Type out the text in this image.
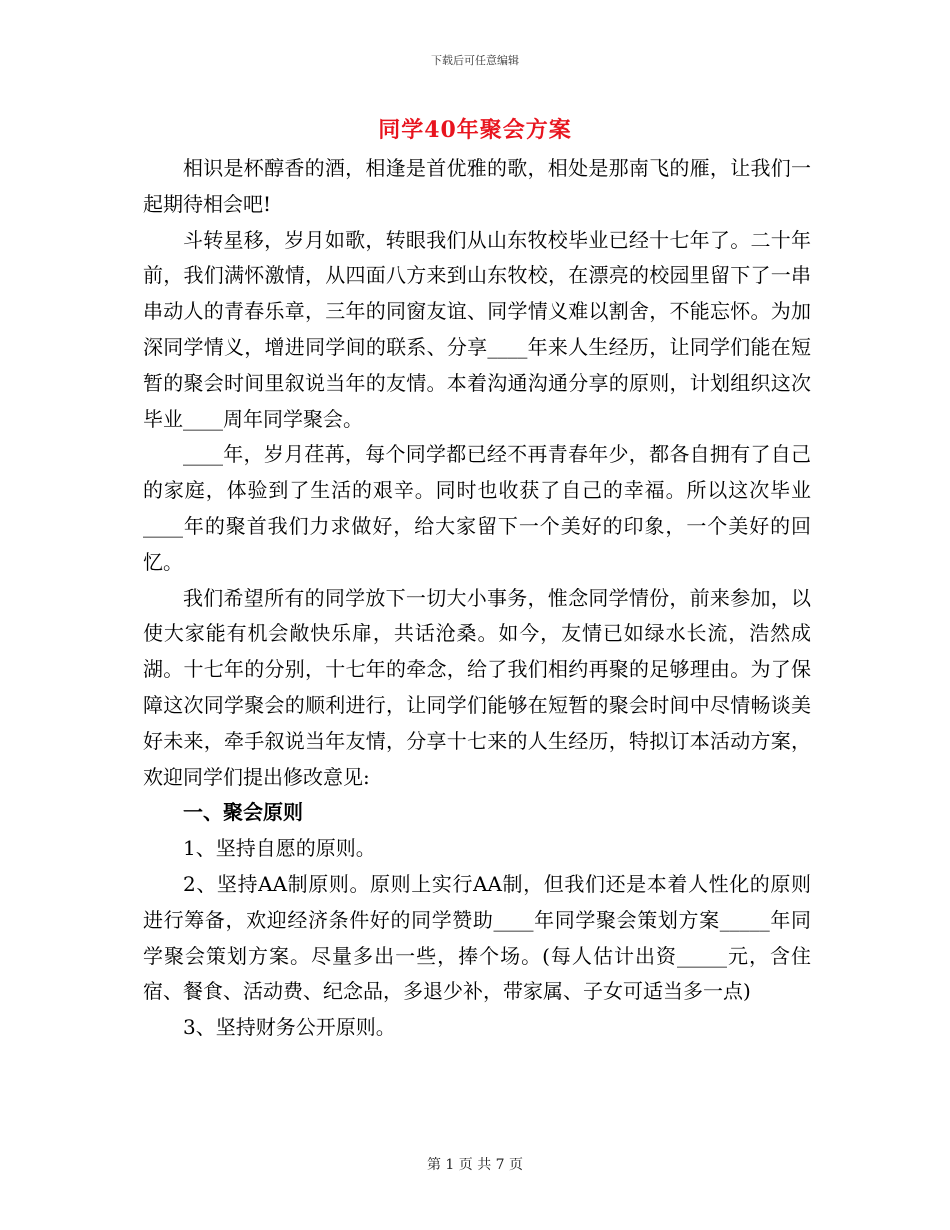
下载后可任意编辑
同学40年聚会方案

相识是杯醇香的酒，相逢是首优雅的歌，相处是那南飞的雁，让我们一起期待相会吧!

斗转星移，岁月如歌，转眼我们从山东牧校毕业已经十七年了。二十年前，我们满怀激情，从四面八方来到山东牧校，在漂亮的校园里留下了一串串动人的青春乐章，三年的同窗友谊、同学情义难以割舍，不能忘怀。为加深同学情义，增进同学间的联系、分享____年来人生经历，让同学们能在短暂的聚会时间里叙说当年的友情。本着沟通沟通分享的原则，计划组织这次毕业____周年同学聚会。

____年，岁月荏苒，每个同学都已经不再青春年少，都各自拥有了自己的家庭，体验到了生活的艰辛。同时也收获了自己的幸福。所以这次毕业____年的聚首我们力求做好，给大家留下一个美好的印象，一个美好的回忆。

我们希望所有的同学放下一切大小事务，惟念同学情份，前来参加，以使大家能有机会敞快乐扉，共话沧桑。如今，友情已如绿水长流，浩然成湖。十七年的分别，十七年的牵念，给了我们相约再聚的足够理由。为了保障这次同学聚会的顺利进行，让同学们能够在短暂的聚会时间中尽情畅谈美好未来，牵手叙说当年友情，分享十七来的人生经历，特拟订本活动方案，欢迎同学们提出修改意见:

一、聚会原则

1、坚持自愿的原则。

2、坚持AA制原则。原则上实行AA制，但我们还是本着人性化的原则进行筹备，欢迎经济条件好的同学赞助____年同学聚会策划方案_____年同学聚会策划方案。尽量多出一些，捧个场。(每人估计出资_____元，含住宿、餐食、活动费、纪念品，多退少补，带家属、子女可适当多一点)

3、坚持财务公开原则。

第 1 页 共 7 页
